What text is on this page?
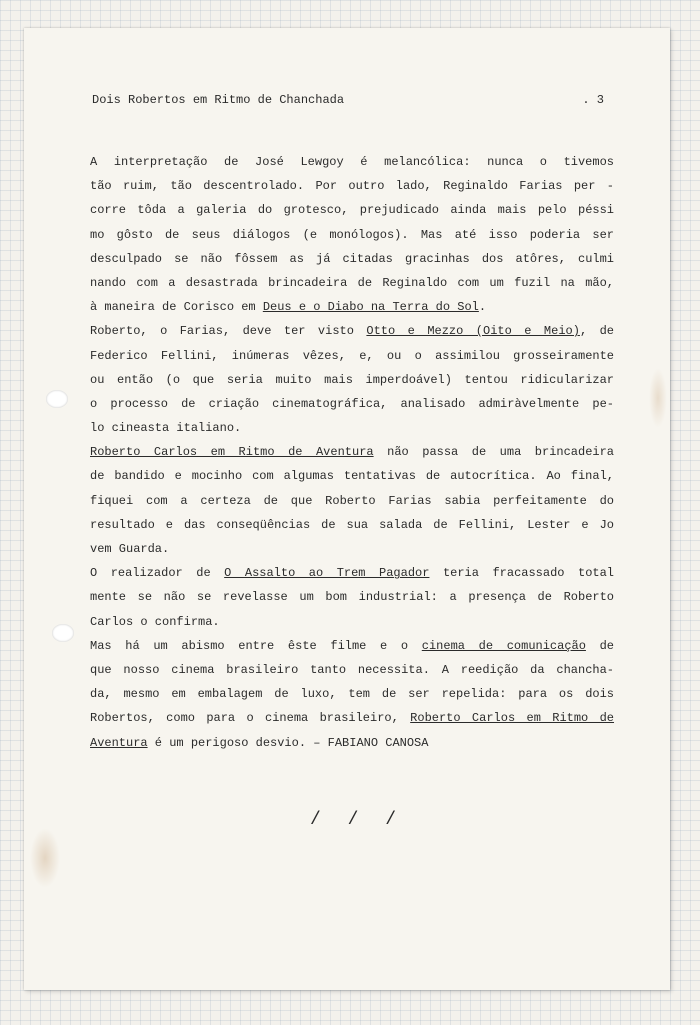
Dois Robertos em Ritmo de Chanchada	. 3
A interpretação de José Lewgoy é melancólica: nunca o tivemos
tão ruim, tão descentrolado. Por outro lado, Reginaldo Farias per -
corre tôda a galeria do grotesco, prejudicado ainda mais pelo péssi
mo gôsto de seus diálogos (e monólogos). Mas até isso poderia ser
desculpado se não fôssem as já citadas gracinhas dos atôres, culmi
nando com a desastrada brincadeira de Reginaldo com um fuzil na mão,
à maneira de Corisco em Deus e o Diabo na Terra do Sol.
Roberto, o Farias, deve ter visto Otto e Mezzo (Oito e Meio), de
Federico Fellini, inúmeras vêzes, e, ou o assimilou grosseiramente
ou então (o que seria muito mais imperdoável) tentou ridicularizar
o processo de criação cinematográfica, analisado admiràvelmente pe-
lo cineasta italiano.
Roberto Carlos em Ritmo de Aventura não passa de uma brincadeira
de bandido e mocinho com algumas tentativas de autocrítica. Ao final,
fiquei com a certeza de que Roberto Farias sabia perfeitamente do
resultado e das conseqüências de sua salada de Fellini, Lester e Jo
vem Guarda.
O realizador de O Assalto ao Trem Pagador teria fracassado total
mente se não se revelasse um bom industrial: a presença de Roberto
Carlos o confirma.
Mas há um abismo entre êste filme e o cinema de comunicação de
que nosso cinema brasileiro tanto necessita. A reedição da chancha-
da, mesmo em embalagem de luxo, tem de ser repelida: para os dois
Robertos, como para o cinema brasileiro, Roberto Carlos em Ritmo de
Aventura é um perigoso desvio. – FABIANO CANOSA
/ / /
